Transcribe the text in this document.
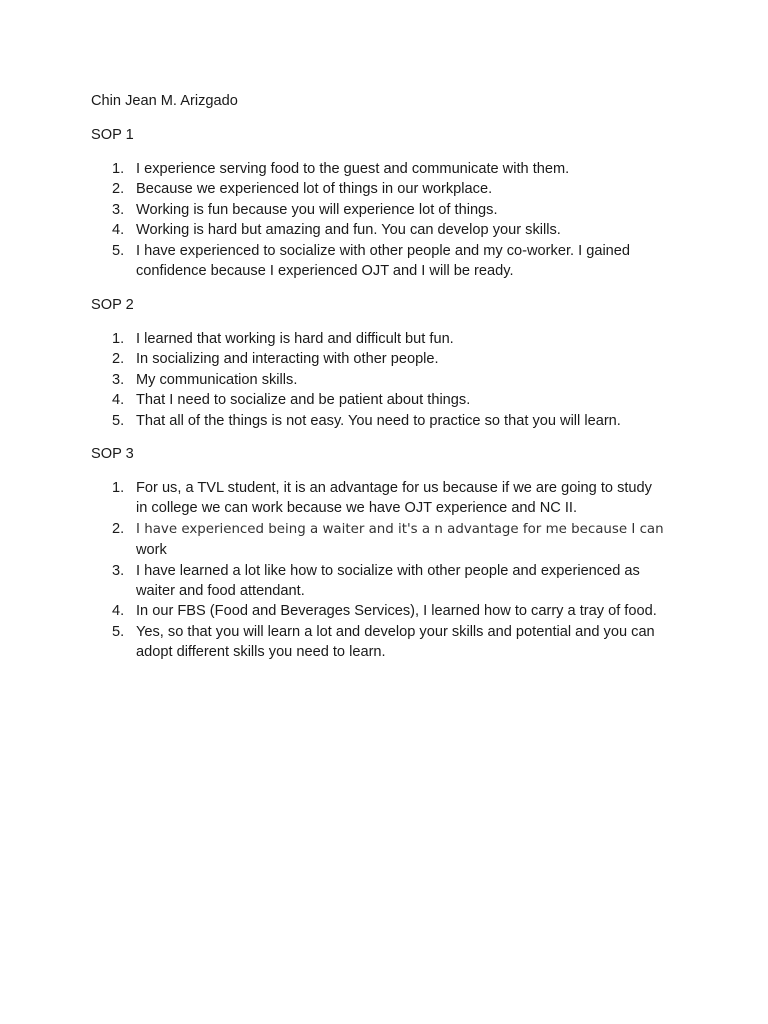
Chin Jean M. Arizgado

SOP 1
1. I experience serving food to the guest and communicate with them.
2. Because we experienced lot of things in our workplace.
3. Working is fun because you will experience lot of things.
4. Working is hard but amazing and fun. You can develop your skills.
5. I have experienced to socialize with other people and my co-worker. I gained
confidence because I experienced OJT and I will be ready.
SOP 2
1. I learned that working is hard and difficult but fun.
2. In socializing and interacting with other people.
3. My communication skills.
4. That I need to socialize and be patient about things.
5. That all of the things is not easy. You need to practice so that you will learn.
SOP 3
1. For us, a TVL student, it is an advantage for us because if we are going to study
in college we can work because we have OJT experience and NC II.
2. I have experienced being a waiter and it's a n advantage for me because I can
work
3. I have learned a lot like how to socialize with other people and experienced as
waiter and food attendant.
4. In our FBS (Food and Beverages Services), I learned how to carry a tray of food.
5. Yes, so that you will learn a lot and develop your skills and potential and you can
adopt different skills you need to learn.
